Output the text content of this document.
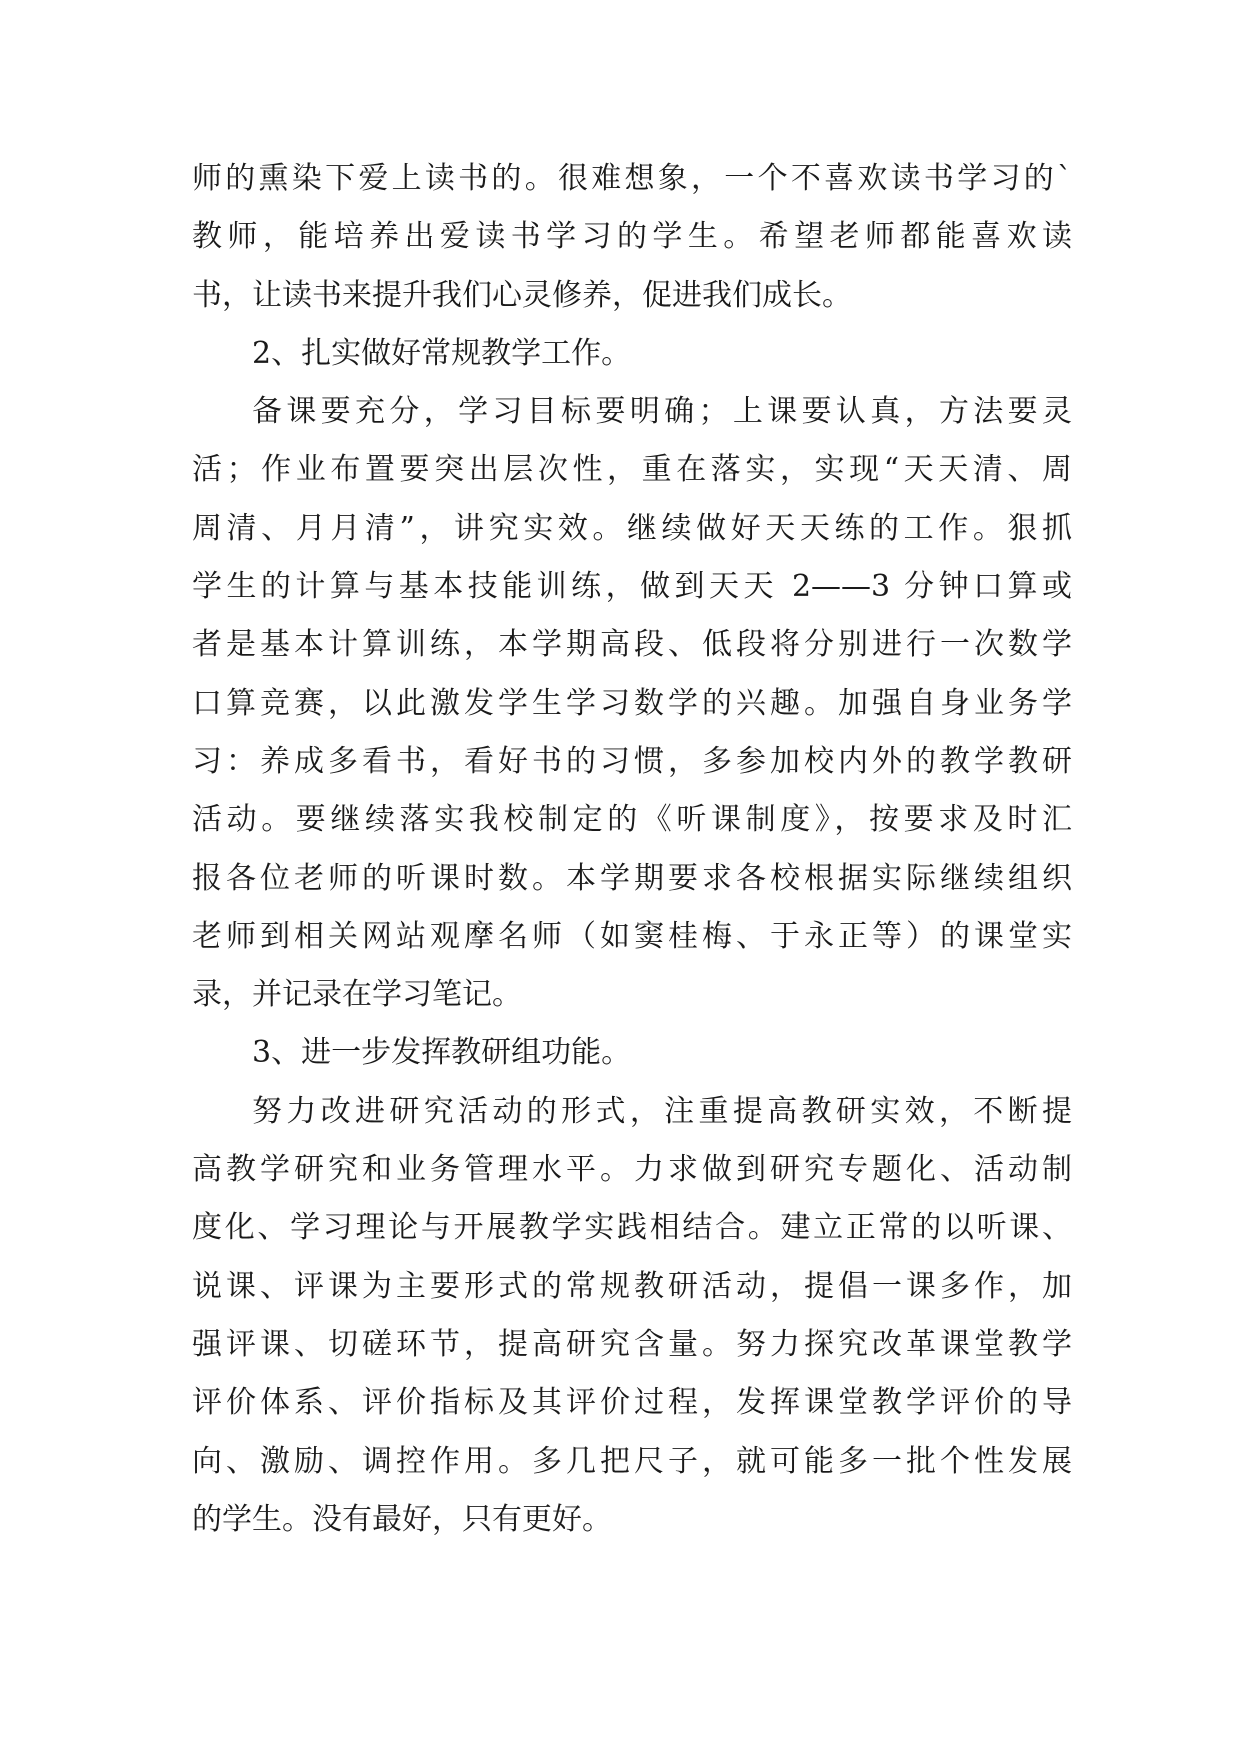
师的熏染下爱上读书的。很难想象，一个不喜欢读书学习的`
教师，能培养出爱读书学习的学生。希望老师都能喜欢读
书，让读书来提升我们心灵修养，促进我们成长。
2、扎实做好常规教学工作。
备课要充分，学习目标要明确；上课要认真，方法要灵
活；作业布置要突出层次性，重在落实，实现“天天清、周
周清、月月清”，讲究实效。继续做好天天练的工作。狠抓
学生的计算与基本技能训练，做到天天 2——3 分钟口算或
者是基本计算训练，本学期高段、低段将分别进行一次数学
口算竞赛，以此激发学生学习数学的兴趣。加强自身业务学
习：养成多看书，看好书的习惯，多参加校内外的教学教研
活动。要继续落实我校制定的《听课制度》，按要求及时汇
报各位老师的听课时数。本学期要求各校根据实际继续组织
老师到相关网站观摩名师（如窦桂梅、于永正等）的课堂实
录，并记录在学习笔记。
3、进一步发挥教研组功能。
努力改进研究活动的形式，注重提高教研实效，不断提
高教学研究和业务管理水平。力求做到研究专题化、活动制
度化、学习理论与开展教学实践相结合。建立正常的以听课、
说课、评课为主要形式的常规教研活动，提倡一课多作，加
强评课、切磋环节，提高研究含量。努力探究改革课堂教学
评价体系、评价指标及其评价过程，发挥课堂教学评价的导
向、激励、调控作用。多几把尺子，就可能多一批个性发展
的学生。没有最好，只有更好。
